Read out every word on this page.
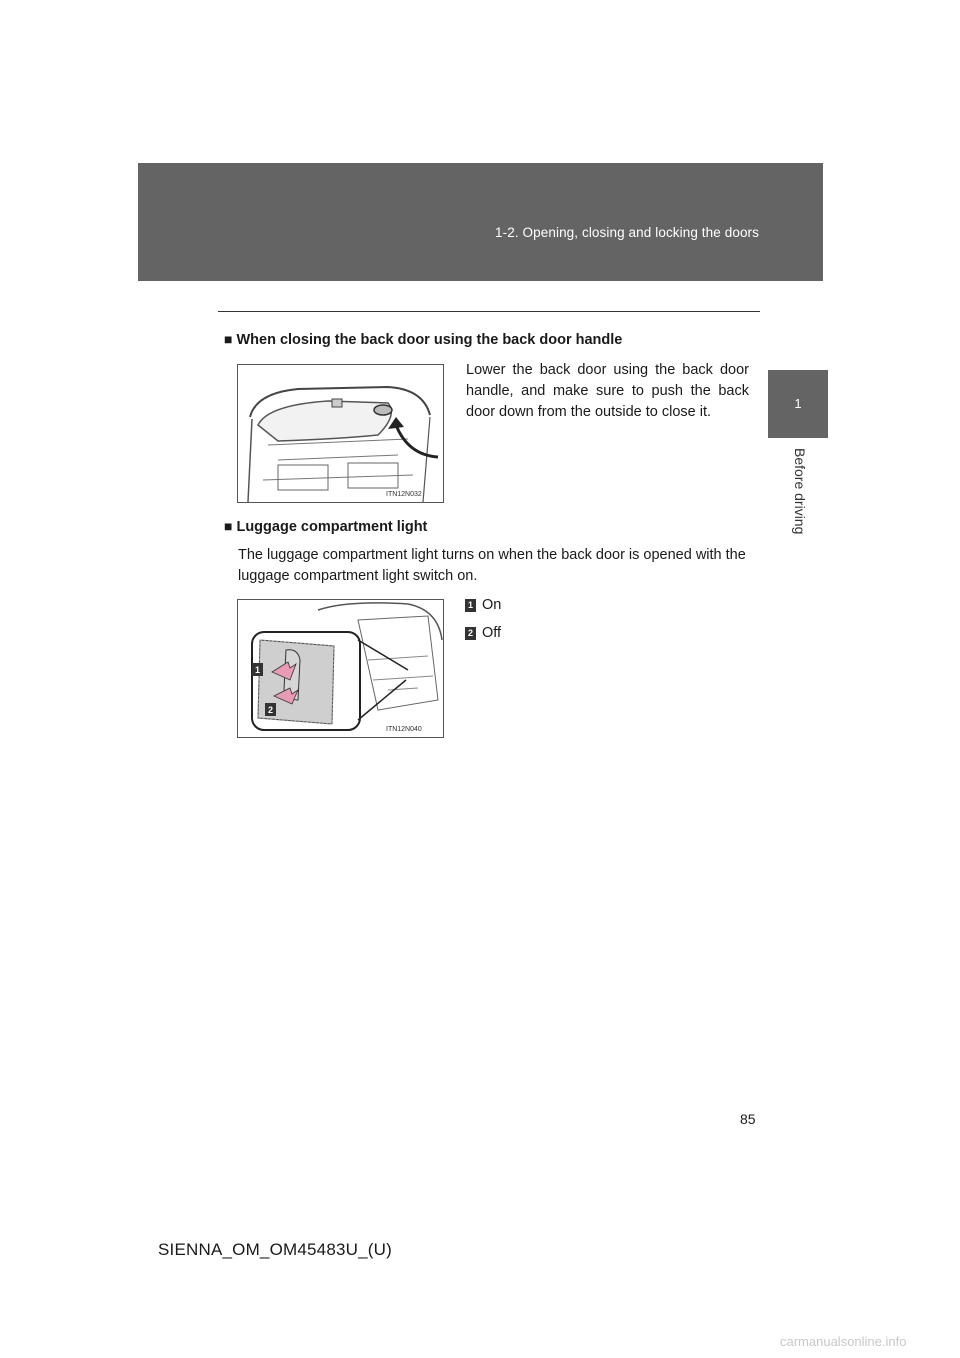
1-2. Opening, closing and locking the doors
1
Before driving
■ When closing the back door using the back door handle
ITN12N032
Lower the back door using the back door handle, and make sure to push the back door down from the outside to close it.
■ Luggage compartment light
The luggage compartment light turns on when the back door is opened with the luggage compartment light switch on.
1
2
ITN12N040
1 On
2 Off
85
SIENNA_OM_OM45483U_(U)
carmanualsonline.info
